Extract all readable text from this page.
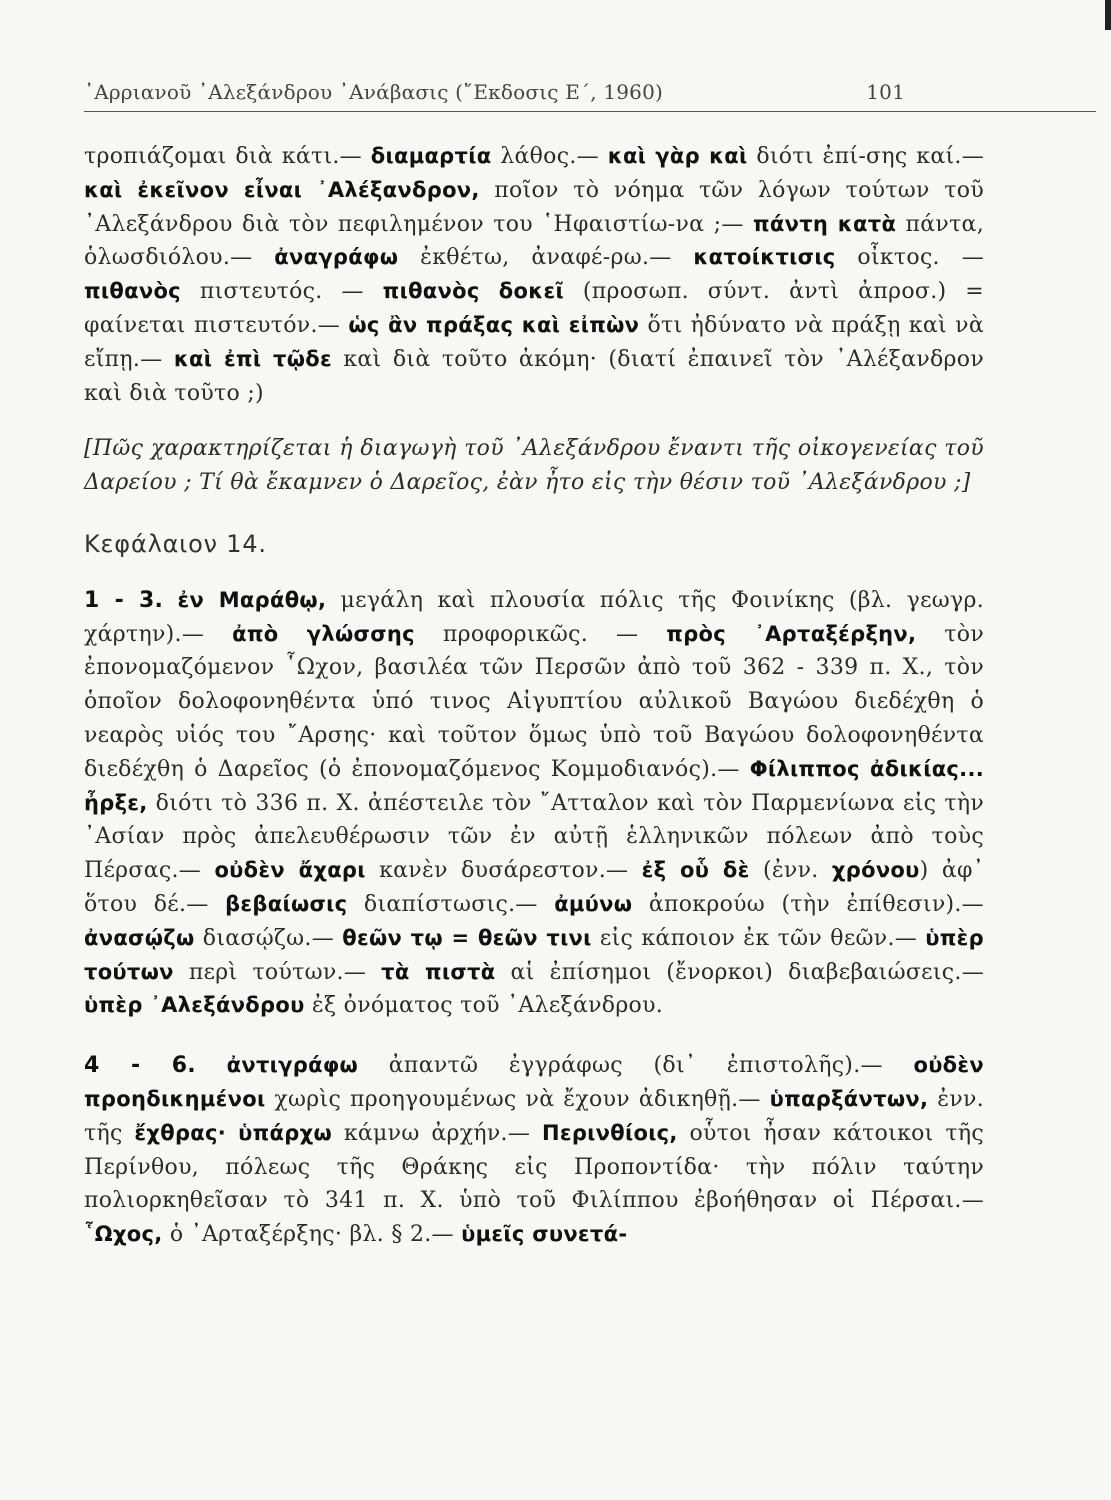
᾿Αρριανοῦ ᾿Αλεξάνδρου ᾿Ανάβασις (῎Εκδοσις Ε΄, 1960)	101

τροπιάζομαι διὰ κάτι.— διαμαρτία λάθος.— καὶ γὰρ καὶ διότι ἐπί-σης καί.— καὶ ἐκεῖνον εἶναι ᾿Αλέξανδρον, ποῖον τὸ νόημα τῶν λόγων τούτων τοῦ ᾿Αλεξάνδρου διὰ τὸν πεφιλημένον του ῾Ηφαιστίω-να ;— πάντη κατὰ πάντα, ὁλωσδιόλου.— ἀναγράφω ἐκθέτω, ἀναφέ-ρω.— κατοίκτισις οἶκτος. — πιθανὸς πιστευτός. — πιθανὸς δοκεῖ (προσωπ. σύντ. ἀντὶ ἀπροσ.) = φαίνεται πιστευτόν.— ὡς ἂν πράξας καὶ εἰπὼν ὅτι ἠδύνατο νὰ πράξῃ καὶ νὰ εἴπῃ.— καὶ ἐπὶ τῷδε καὶ διὰ τοῦτο ἀκόμη· (διατί ἐπαινεῖ τὸν ᾿Αλέξανδρον καὶ διὰ τοῦτο ;)

[Πῶς χαρακτηρίζεται ἡ διαγωγὴ τοῦ ᾿Αλεξάνδρου ἔναντι τῆς οἰκογενείας τοῦ Δαρείου ; Τί θὰ ἔκαμνεν ὁ Δαρεῖος, ἐὰν ἦτο εἰς τὴν θέσιν τοῦ ᾿Αλεξάνδρου ;]

Κεφάλαιον 14.

1 - 3. ἐν Μαράθῳ, μεγάλη καὶ πλουσία πόλις τῆς Φοινίκης (βλ. γεωγρ. χάρτην).— ἀπὸ γλώσσης προφορικῶς. — πρὸς ᾿Αρταξέρξην, τὸν ἐπονομαζόμενον ῟Ωχον, βασιλέα τῶν Περσῶν ἀπὸ τοῦ 362 - 339 π. Χ., τὸν ὁποῖον δολοφονηθέντα ὑπό τινος Αἰγυπτίου αὐλικοῦ Βαγώου διεδέχθη ὁ νεαρὸς υἱός του ῎Αρσης· καὶ τοῦτον ὅμως ὑπὸ τοῦ Βαγώου δολοφονηθέντα διεδέχθη ὁ Δαρεῖος (ὁ ἐπονομαζόμενος Κομμοδιανός).— Φίλιππος ἀδικίας... ἦρξε, διότι τὸ 336 π. Χ. ἀπέστειλε τὸν ῎Ατταλον καὶ τὸν Παρμενίωνα εἰς τὴν ᾿Ασίαν πρὸς ἀπελευθέρωσιν τῶν ἐν αὐτῇ ἑλληνικῶν πόλεων ἀπὸ τοὺς Πέρσας.— οὐδὲν ἄχαρι κανὲν δυσάρεστον.— ἐξ οὗ δὲ (ἐνν. χρόνου) ἀφ᾿ ὅτου δέ.— βεβαίωσις διαπίστωσις.— ἀμύνω ἀποκρούω (τὴν ἐπίθεσιν).— ἀνασῴζω διασῴζω.— θεῶν τῳ = θεῶν τινι εἰς κάποιον ἐκ τῶν θεῶν.— ὑπὲρ τούτων περὶ τούτων.— τὰ πιστὰ αἱ ἐπίσημοι (ἔνορκοι) διαβεβαιώσεις.— ὑπὲρ ᾿Αλεξάνδρου ἐξ ὀνόματος τοῦ ᾿Αλεξάνδρου.

4 - 6. ἀντιγράφω ἀπαντῶ ἐγγράφως (δι᾿ ἐπιστολῆς).— οὐδὲν προηδικημένοι χωρὶς προηγουμένως νὰ ἔχουν ἀδικηθῇ.— ὑπαρξάντων, ἐνν. τῆς ἔχθρας· ὑπάρχω κάμνω ἀρχήν.— Περινθίοις, οὗτοι ἦσαν κάτοικοι τῆς Περίνθου, πόλεως τῆς Θράκης εἰς Προποντίδα· τὴν πόλιν ταύτην πολιορκηθεῖσαν τὸ 341 π. Χ. ὑπὸ τοῦ Φιλίππου ἐβοήθησαν οἱ Πέρσαι.— ῟Ωχος, ὁ ᾿Αρταξέρξης· βλ. § 2.— ὑμεῖς συνετά-
